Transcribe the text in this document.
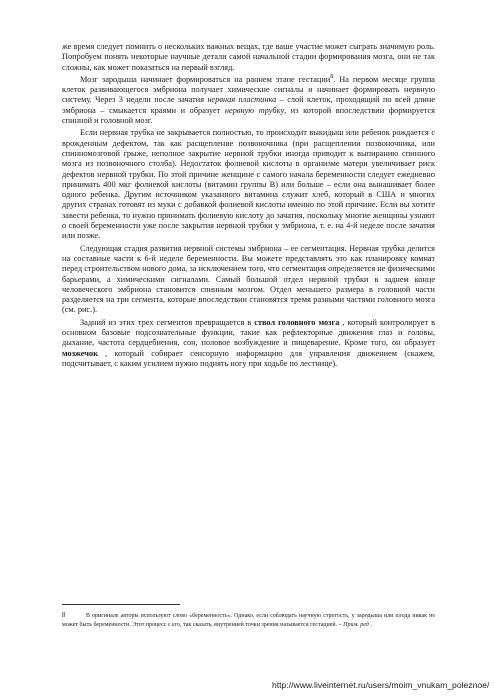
же время следует помнить о нескольких важных вещах, где ваше участие может сыграть значимую роль. Попробуем понять некоторые научные детали самой начальной стадии формирования мозга, они не так сложны, как может показаться на первый взгляд.

Мозг зародыша начинает формироваться на раннем этапе гестации$^8$. На первом месяце группа клеток развивающегося эмбриона получает химические сигналы и начинает формировать нервную систему. Через 3 недели после зачатия нервная пластинка – слой клеток, проходящий по всей длине эмбриона – смыкается краями и образует нервную трубку, из которой впоследствии формируется спинной и головной мозг.

Если нервная трубка не закрывается полностью, то происходит выкидыш или ребенок рождается с врожденным дефектом, так как расщепление позвоночника (при расщеплении позвоночника, или спинномозговой грыже, неполное закрытие нервной трубки иногда приводит к выпиранию спинного мозга из позвоночного столба). Недостаток фолиевой кислоты в организме матери увеличивает риск дефектов нервной трубки. По этой причине женщине с самого начала беременности следует ежедневно принимать 400 мкг фолиевой кислоты (витамин группы B) или больше – если она вынашивает более одного ребенка. Другим источником указанного витамина служит хлеб, который в США и многих других странах готовят из муки с добавкой фолиевой кислоты именно по этой причине. Если вы хотите завести ребенка, то нужно принимать фолиевую кислоту до зачатия, поскольку многие женщины узнают о своей беременности уже после закрытия нервной трубки у эмбриона, т. е. на 4-й неделе после зачатия или позже.

Следующая стадия развития нервной системы эмбриона – ее сегментация. Нервная трубка делится на составные части к 6-й неделе беременности. Вы можете представлять это как планировку комнат перед строительством нового дома, за исключением того, что сегментация определяется не физическими барьерами, а химическими сигналами. Самый большой отдел нервной трубки в заднем конце человеческого эмбриона становится спинным мозгом. Отдел меньшего размера в головной части разделяется на три сегмента, которые впоследствии становятся тремя разными частями головного мозга (см. рис.).

Задний из этих трех сегментов превращается в ствол головного мозга , который контролирует в основном базовые подсознательные функции, такие как рефлекторные движения глаз и головы, дыхание, частота сердцебиения, сон, половое возбуждение и пищеварение. Кроме того, он образует мозжечок , который собирает сенсорную информацию для управления движением (скажем, подсчитывает, с каким усилием нужно поднять ногу при ходьбе по лестнице).

8	В оригинале авторы используют слово «беременность». Однако, если соблюдать научную строгость, у зародыша или плода никак не может быть беременности. Этот процесс с его, так сказать, внутренней точки зрения называется гестацией. – Прим. ред .
http://www.liveinternet.ru/users/moim_vnukam_poleznoe/
